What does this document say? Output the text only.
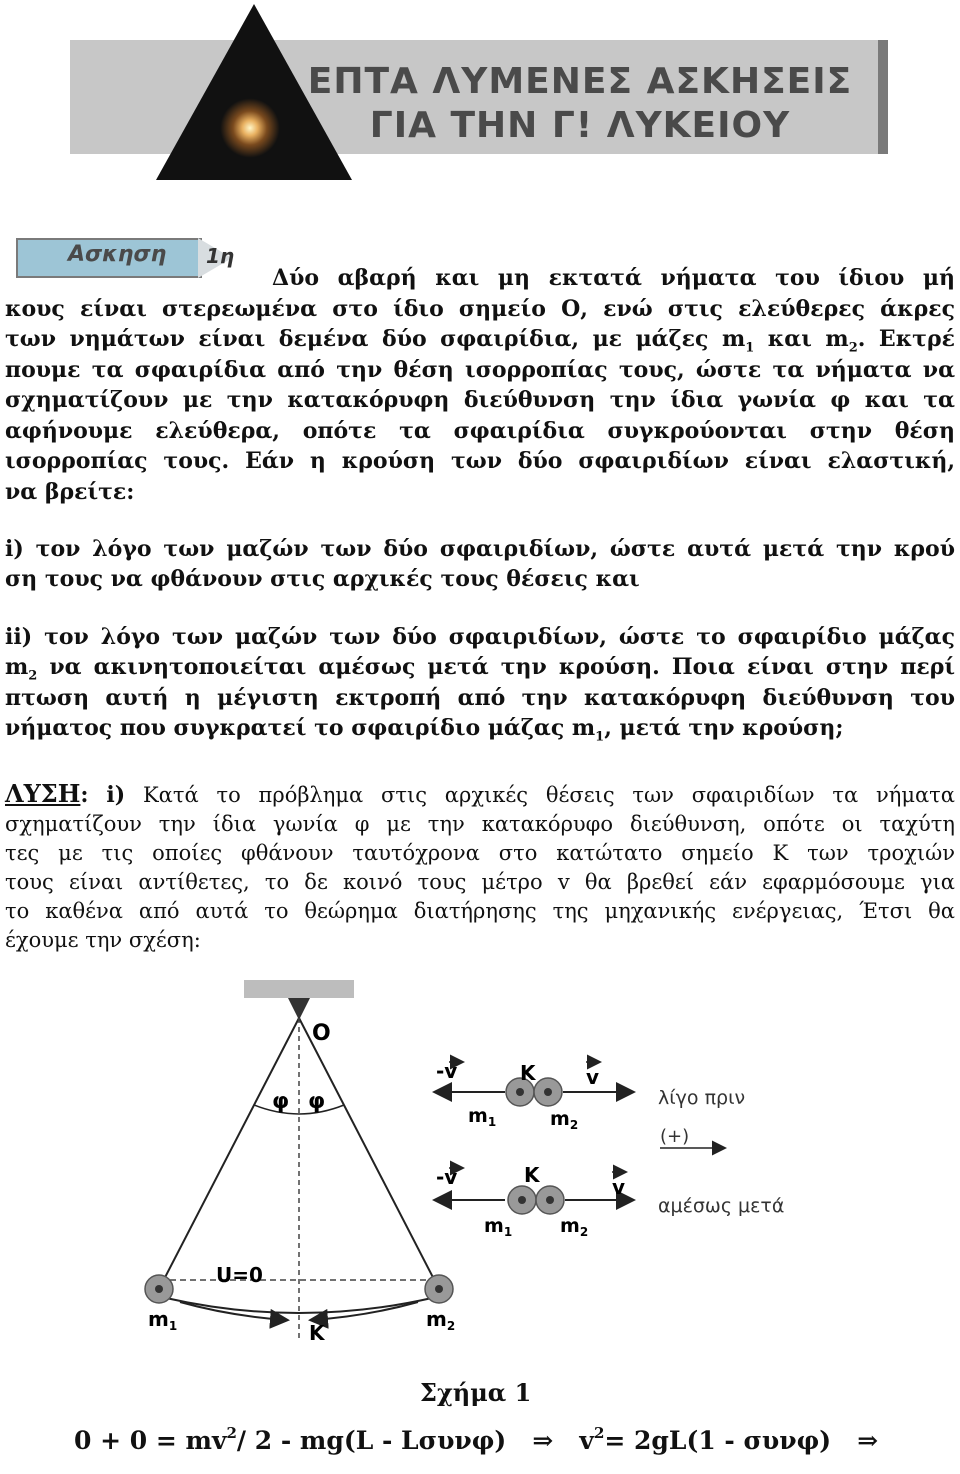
ΕΠΤΑ ΛΥΜΕΝΕΣ ΑΣΚΗΣΕΙΣ
ΓΙΑ ΤΗΝ Γ! ΛΥΚΕΙΟΥ
Ασκηση 1η

Δύο αβαρή και μη εκτατά νήματα του ίδιου μή

κους είναι στερεωμένα στο ίδιο σημείο Ο, ενώ στις ελεύθερες άκρες

των νημάτων είναι δεμένα δύο σφαιρίδια, με μάζες $m_1$ και $m_2$. Εκτρέ

πουμε τα σφαιρίδια από την θέση ισορροπίας τους, ώστε τα νήματα να

σχηματίζουν με την κατακόρυφη διεύθυνση την ίδια γωνία φ και τα

αφήνουμε ελεύθερα, οπότε τα σφαιρίδια συγκρούονται στην θέση

ισορροπίας τους. Εάν η κρούση των δύο σφαιριδίων είναι ελαστική,

να βρείτε:

i) τον λόγο των μαζών των δύο σφαιριδίων, ώστε αυτά μετά την κρού

ση τους να φθάνουν στις αρχικές τους θέσεις και

ii) τον λόγο των μαζών των δύο σφαιριδίων, ώστε το σφαιρίδιο μάζας

$m_2$ να ακινητοποιείται αμέσως μετά την κρούση. Ποια είναι στην περί

πτωση αυτή η μέγιστη εκτροπή από την κατακόρυφη διεύθυνση του

νήματος που συγκρατεί το σφαιρίδιο μάζας $m_1$, μετά την κρούση;

ΛΥΣΗ: i) Κατά το πρόβλημα στις αρχικές θέσεις των σφαιριδίων τα νήματα

σχηματίζουν την ίδια γωνία φ με την κατακόρυφο διεύθυνση, οπότε οι ταχύτη

τες με τις οποίες φθάνουν ταυτόχρονα στο κατώτατο σημείο Κ των τροχιών

τους είναι αντίθετες, το δε κοινό τους μέτρο v θα βρεθεί εάν εφαρμόσουμε για

το καθένα από αυτά το θεώρημα διατήρησης της μηχανικής ενέργειας, Έτσι θα

έχουμε την σχέση:

O
φ φ
U=0
K
$m_1$	$m_2$
-v	v
K
$m_1$	$m_2$
λίγο πριν
(+)
-v	v
K
$m_1$	$m_2$
αμέσως μετά
Σχήμα 1
$0 + 0 = mv^2/$ 2 - mg(L - Lσυνφ) ⇒ $v^2= 2gL(1 - \sigma\upsilon\nu\varphi)$ ⇒
